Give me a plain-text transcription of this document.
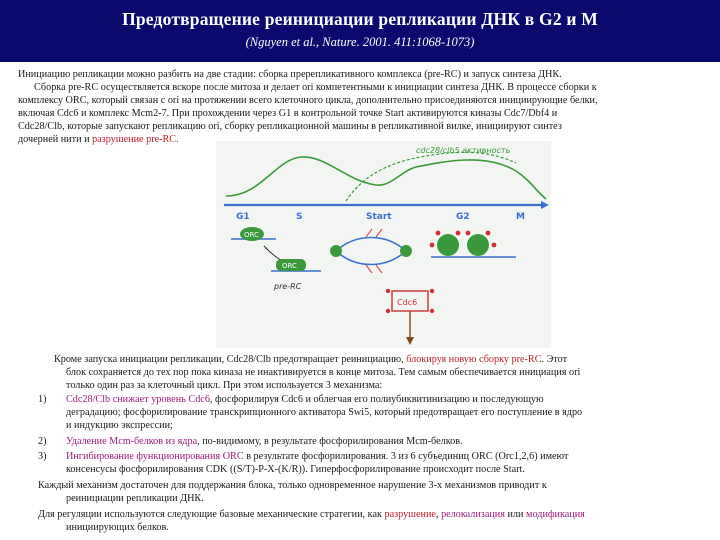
Предотвращение реинициации репликации ДНК в G2 и М
(Nguyen et al., Nature. 2001. 411:1068-1073)
Инициацию репликации можно разбить на две стадии: сборка пререпликативного комплекса (pre-RC) и запуск синтеза ДНК.
Сборка pre-RC осуществляется вскоре после митоза и делает ori компетентными к инициации синтеза ДНК. В процессе сборки к
комплексу ORC, который связан с ori на протяжении всего клеточного цикла, дополнительно присоединяются инициирующие белки,
включая Cdc6 и комплекс Mcm2-7. При прохождении через G1 в контрольной точке Start активируются киназы Cdc7/Dbf4 и
Cdc28/Clb, которые запускают репликацию ori, сборку репликационной машины в репликативной вилке, инициируют синтез
дочерней нити и разрушение pre-RC.
cdc28/clb5 активность
G1	S	Start	G2	M
ORC
ORC
pre-RC
Cdc6
Кроме запуска инициации репликации, Cdc28/Clb предотвращает реинициацию, блокируя новую сборку pre-RC. Этот
блок сохраняется до тех пор пока киназа не инактивируется в конце митоза. Тем самым обеспечивается инициация ori
только один раз за клеточный цикл. При этом используется 3 механизма:
1) Cdc28/Clb снижает уровень Cdc6, фосфорилируя Cdc6 и облегчая его полиубиквитинизацию и последующую
деградацию; фосфорилирование транскрипционного активатора Swi5, который предотвращает его поступление в ядро
и индукцию экспрессии;
2) Удаление Mcm-белков из ядра, по-видимому, в результате фосфорилирования Mcm-белков.
3) Ингибирование функционирования ORC в результате фосфорилирования. 3 из 6 субъединиц ORC (Orc1,2,6) имеют
консенсусы фосфорилирования CDK ((S/T)-P-X-(K/R)). Гиперфосфорилирование происходит после Start.
Каждый механизм достаточен для поддержания блока, только одновременное нарушение 3-х механизмов приводит к
реинициации репликации ДНК.
Для регуляции используются следующие базовые механические стратегии, как разрушение, релокализация или модификация
инициирующих белков.
